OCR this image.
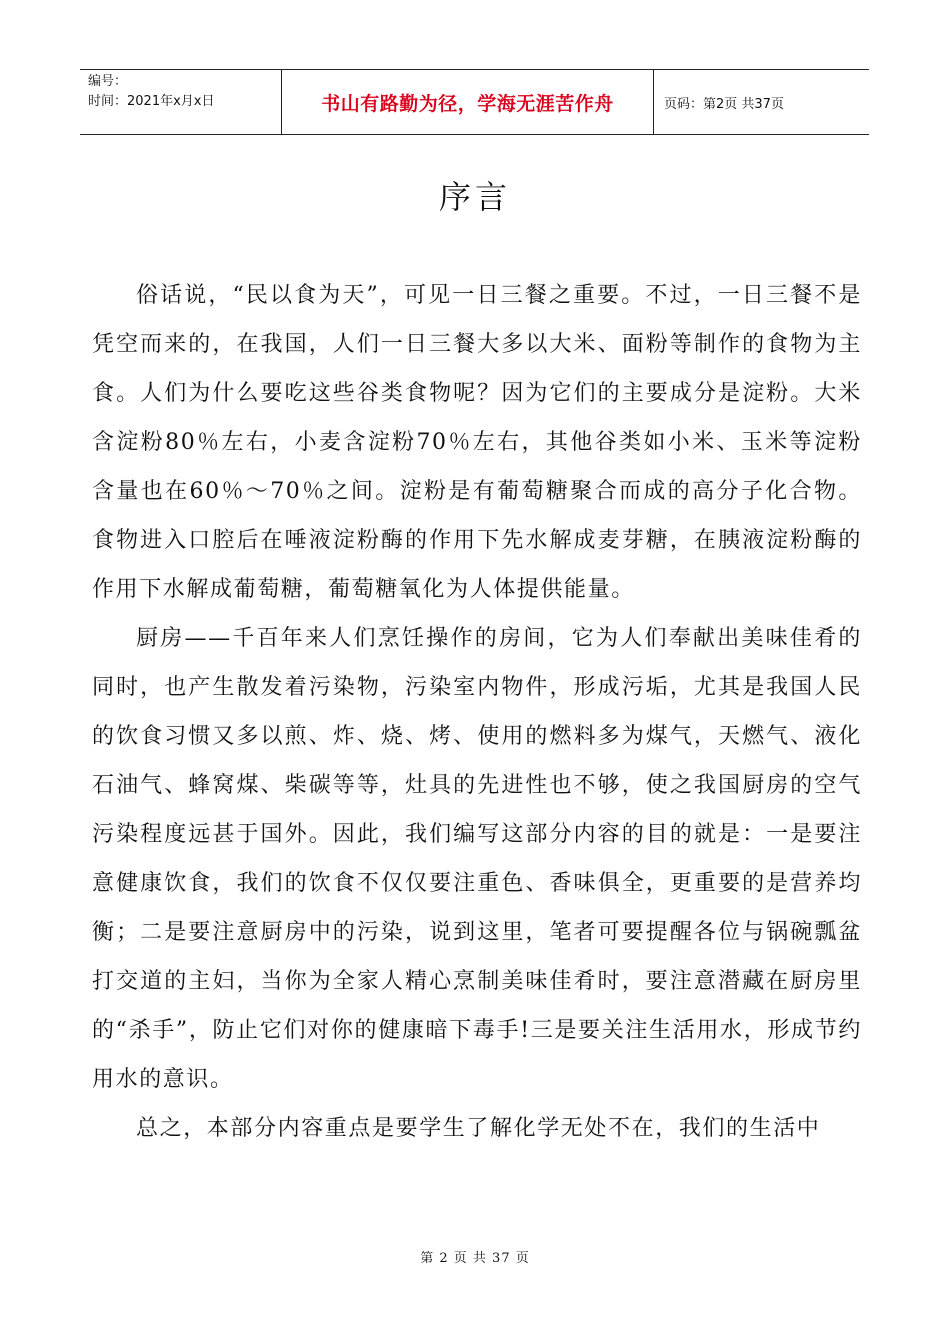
编号：
时间：2021年x月x日	书山有路勤为径，学海无涯苦作舟	页码：第2页 共37页
序言

俗话说，“民以食为天”，可见一日三餐之重要。不过，一日三餐不是凭空而来的，在我国，人们一日三餐大多以大米、面粉等制作的食物为主食。人们为什么要吃这些谷类食物呢？因为它们的主要成分是淀粉。大米含淀粉80％左右，小麦含淀粉70％左右，其他谷类如小米、玉米等淀粉含量也在60％～70％之间。淀粉是有葡萄糖聚合而成的高分子化合物。食物进入口腔后在唾液淀粉酶的作用下先水解成麦芽糖，在胰液淀粉酶的作用下水解成葡萄糖，葡萄糖氧化为人体提供能量。

厨房——千百年来人们烹饪操作的房间，它为人们奉献出美味佳肴的同时，也产生散发着污染物，污染室内物件，形成污垢，尤其是我国人民的饮食习惯又多以煎、炸、烧、烤、使用的燃料多为煤气，天燃气、液化石油气、蜂窝煤、柴碳等等，灶具的先进性也不够，使之我国厨房的空气污染程度远甚于国外。因此，我们编写这部分内容的目的就是：一是要注意健康饮食，我们的饮食不仅仅要注重色、香味俱全，更重要的是营养均衡；二是要注意厨房中的污染，说到这里，笔者可要提醒各位与锅碗瓢盆打交道的主妇，当你为全家人精心烹制美味佳肴时，要注意潜藏在厨房里的“杀手”，防止它们对你的健康暗下毒手!三是要关注生活用水，形成节约用水的意识。

总之，本部分内容重点是要学生了解化学无处不在，我们的生活中

第 2 页 共 37 页
